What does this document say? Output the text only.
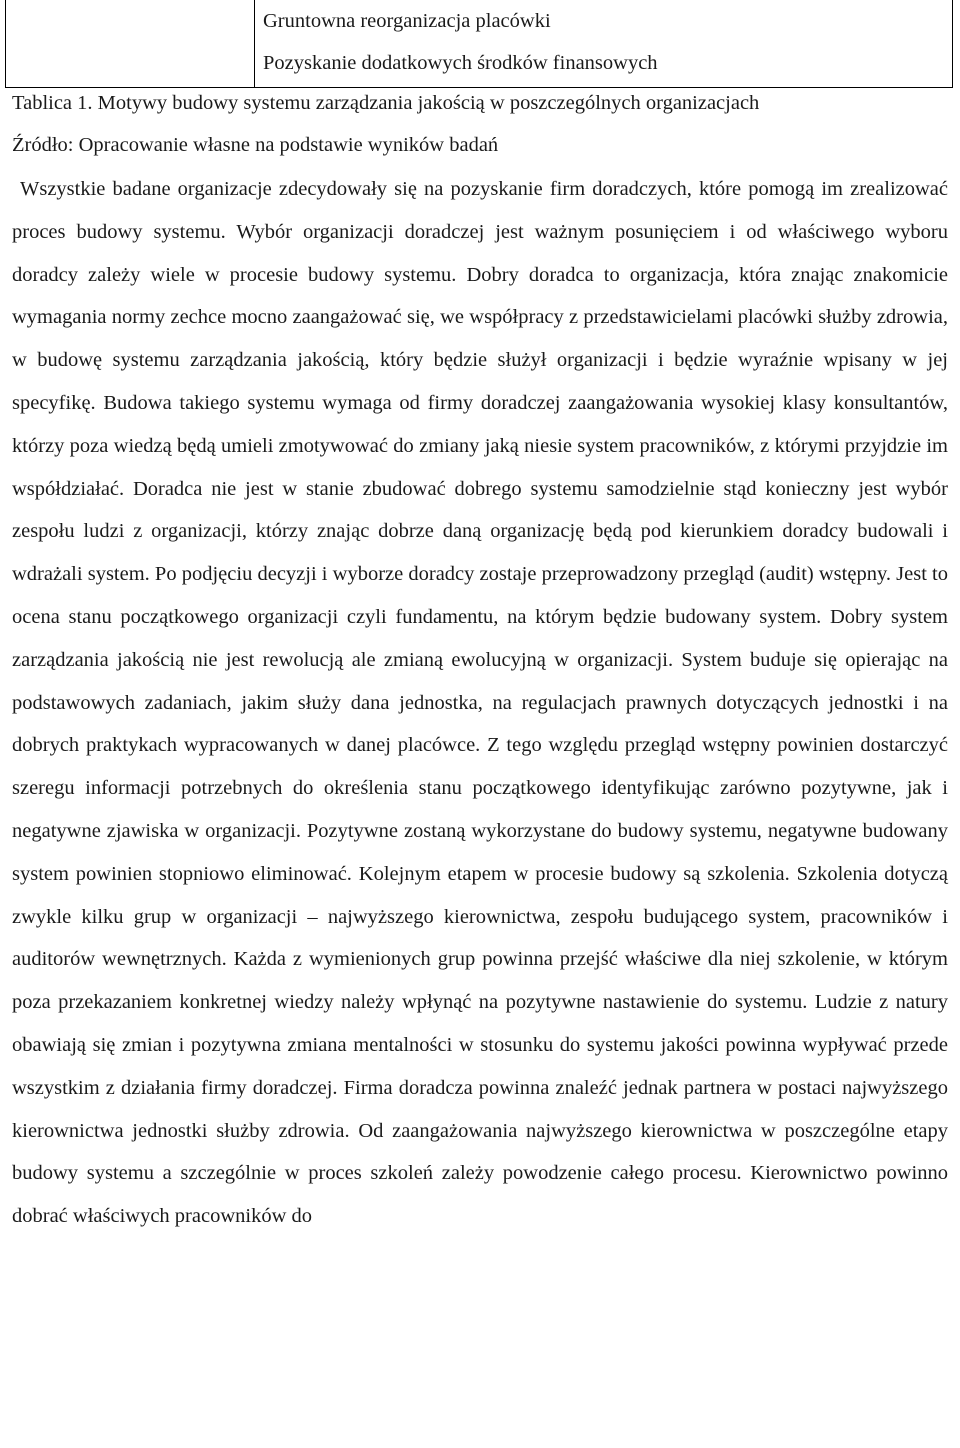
Gruntowna reorganizacja placówki
Pozyskanie dodatkowych środków finansowych
Tablica 1. Motywy budowy systemu zarządzania jakością w poszczególnych organizacjach
Źródło: Opracowanie własne na podstawie wyników badań
Wszystkie badane organizacje zdecydowały się na pozyskanie firm doradczych, które pomogą im zrealizować proces budowy systemu. Wybór organizacji doradczej jest ważnym posunięciem i od właściwego wyboru doradcy zależy wiele w procesie budowy systemu. Dobry doradca to organizacja, która znając znakomicie wymagania normy zechce mocno zaangażować się, we współpracy z przedstawicielami placówki służby zdrowia, w budowę systemu zarządzania jakością, który będzie służył organizacji i będzie wyraźnie wpisany w jej specyfikę. Budowa takiego systemu wymaga od firmy doradczej zaangażowania wysokiej klasy konsultantów, którzy poza wiedzą będą umieli zmotywować do zmiany jaką niesie system pracowników, z którymi przyjdzie im współdziałać. Doradca nie jest w stanie zbudować dobrego systemu samodzielnie stąd konieczny jest wybór zespołu ludzi z organizacji, którzy znając dobrze daną organizację będą pod kierunkiem doradcy budowali i wdrażali system. Po podjęciu decyzji i wyborze doradcy zostaje przeprowadzony przegląd (audit) wstępny. Jest to ocena stanu początkowego organizacji czyli fundamentu, na którym będzie budowany system. Dobry system zarządzania jakością nie jest rewolucją ale zmianą ewolucyjną w organizacji. System buduje się opierając na podstawowych zadaniach, jakim służy dana jednostka, na regulacjach prawnych dotyczących jednostki i na dobrych praktykach wypracowanych w danej placówce. Z tego względu przegląd wstępny powinien dostarczyć szeregu informacji potrzebnych do określenia stanu początkowego identyfikując zarówno pozytywne, jak i negatywne zjawiska w organizacji. Pozytywne zostaną wykorzystane do budowy systemu, negatywne budowany system powinien stopniowo eliminować. Kolejnym etapem w procesie budowy są szkolenia. Szkolenia dotyczą zwykle kilku grup w organizacji – najwyższego kierownictwa, zespołu budującego system, pracowników i auditorów wewnętrznych. Każda z wymienionych grup powinna przejść właściwe dla niej szkolenie, w którym poza przekazaniem konkretnej wiedzy należy wpłynąć na pozytywne nastawienie do systemu. Ludzie z natury obawiają się zmian i pozytywna zmiana mentalności w stosunku do systemu jakości powinna wypływać przede wszystkim z działania firmy doradczej. Firma doradcza powinna znaleźć jednak partnera w postaci najwyższego kierownictwa jednostki służby zdrowia. Od zaangażowania najwyższego kierownictwa w poszczególne etapy budowy systemu a szczególnie w proces szkoleń zależy powodzenie całego procesu. Kierownictwo powinno dobrać właściwych pracowników do
